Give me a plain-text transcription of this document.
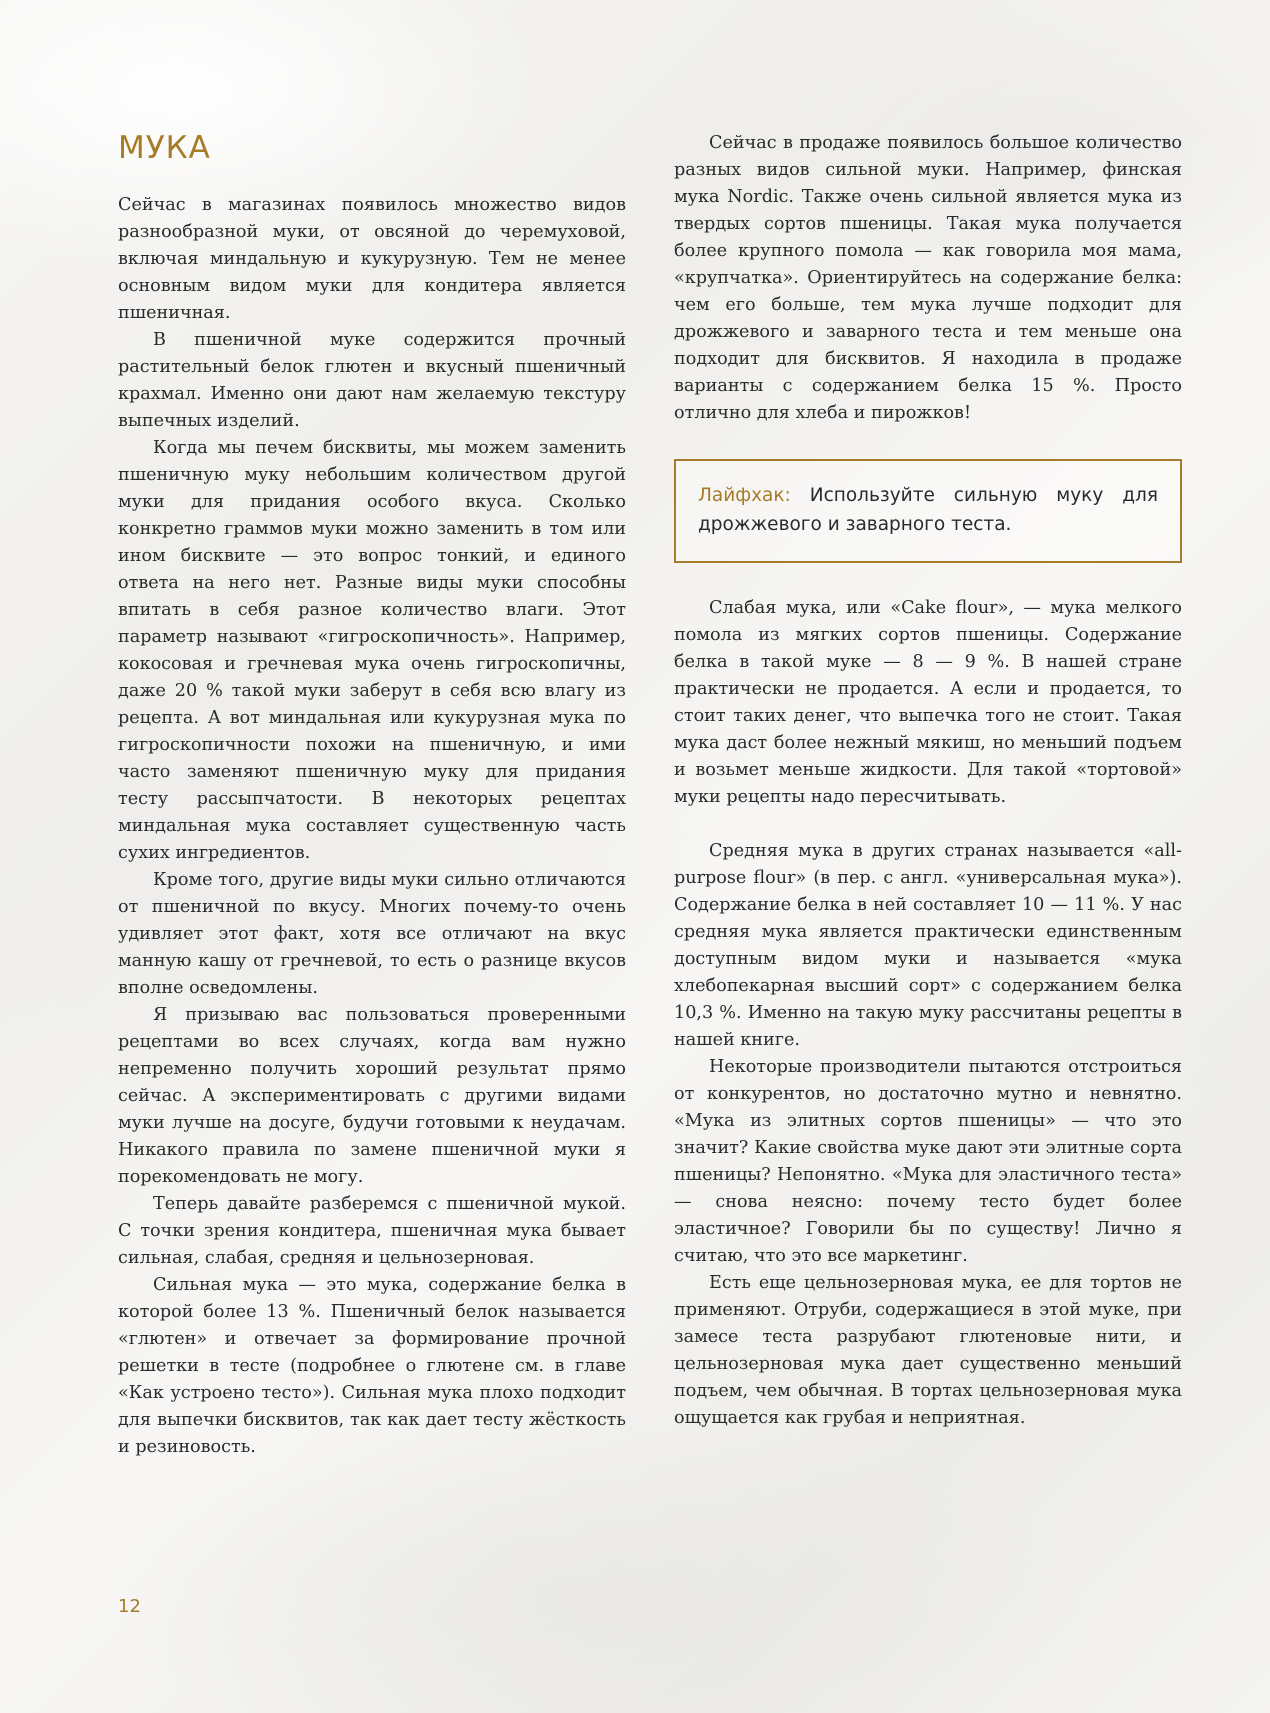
МУКА

Сейчас в магазинах появилось множество видов разнообразной муки, от овсяной до черемуховой, включая миндальную и кукурузную. Тем не менее основным видом муки для кондитера является пшеничная.

В пшеничной муке содержится прочный растительный белок глютен и вкусный пшеничный крахмал. Именно они дают нам желаемую текстуру выпечных изделий.

Когда мы печем бисквиты, мы можем заменить пшеничную муку небольшим количеством другой муки для придания особого вкуса. Сколько конкретно граммов муки можно заменить в том или ином бисквите — это вопрос тонкий, и единого ответа на него нет. Разные виды муки способны впитать в себя разное количество влаги. Этот параметр называют «гигроскопичность». Например, кокосовая и гречневая мука очень гигроскопичны, даже 20 % такой муки заберут в себя всю влагу из рецепта. А вот миндальная или кукурузная мука по гигроскопичности похожи на пшеничную, и ими часто заменяют пшеничную муку для придания тесту рассыпчатости. В некоторых рецептах миндальная мука составляет существенную часть сухих ингредиентов.

Кроме того, другие виды муки сильно отличаются от пшеничной по вкусу. Многих почему-то очень удивляет этот факт, хотя все отличают на вкус манную кашу от гречневой, то есть о разнице вкусов вполне осведомлены.

Я призываю вас пользоваться проверенными рецептами во всех случаях, когда вам нужно непременно получить хороший результат прямо сейчас. А экспериментировать с другими видами муки лучше на досуге, будучи готовыми к неудачам. Никакого правила по замене пшеничной муки я порекомендовать не могу.

Теперь давайте разберемся с пшеничной мукой. С точки зрения кондитера, пшеничная мука бывает сильная, слабая, средняя и цельнозерновая.

Сильная мука — это мука, содержание белка в которой более 13 %. Пшеничный белок называется «глютен» и отвечает за формирование прочной решетки в тесте (подробнее о глютене см. в главе «Как устроено тесто»). Сильная мука плохо подходит для выпечки бисквитов, так как дает тесту жёсткость и резиновость.

Сейчас в продаже появилось большое количество разных видов сильной муки. Например, финская мука Nordic. Также очень сильной является мука из твердых сортов пшеницы. Такая мука получается более крупного помола — как говорила моя мама, «крупчатка». Ориентируйтесь на содержание белка: чем его больше, тем мука лучше подходит для дрожжевого и заварного теста и тем меньше она подходит для бисквитов. Я находила в продаже варианты с содержанием белка 15 %. Просто отлично для хлеба и пирожков!

Лайфхак: Используйте сильную муку для дрожжевого и заварного теста.

Слабая мука, или «Cake flour», — мука мелкого помола из мягких сортов пшеницы. Содержание белка в такой муке — 8 — 9 %. В нашей стране практически не продается. А если и продается, то стоит таких денег, что выпечка того не стоит. Такая мука даст более нежный мякиш, но меньший подъем и возьмет меньше жидкости. Для такой «тортовой» муки рецепты надо пересчитывать.

Средняя мука в других странах называется «all-purpose flour» (в пер. с англ. «универсальная мука»). Содержание белка в ней составляет 10 — 11 %. У нас средняя мука является практически единственным доступным видом муки и называется «мука хлебопекарная высший сорт» с содержанием белка 10,3 %. Именно на такую муку рассчитаны рецепты в нашей книге.

Некоторые производители пытаются отстроиться от конкурентов, но достаточно мутно и невнятно. «Мука из элитных сортов пшеницы» — что это значит? Какие свойства муке дают эти элитные сорта пшеницы? Непонятно. «Мука для эластичного теста» — снова неясно: почему тесто будет более эластичное? Говорили бы по существу! Лично я считаю, что это все маркетинг.

Есть еще цельнозерновая мука, ее для тортов не применяют. Отруби, содержащиеся в этой муке, при замесе теста разрубают глютеновые нити, и цельнозерновая мука дает существенно меньший подъем, чем обычная. В тортах цельнозерновая мука ощущается как грубая и неприятная.

12
